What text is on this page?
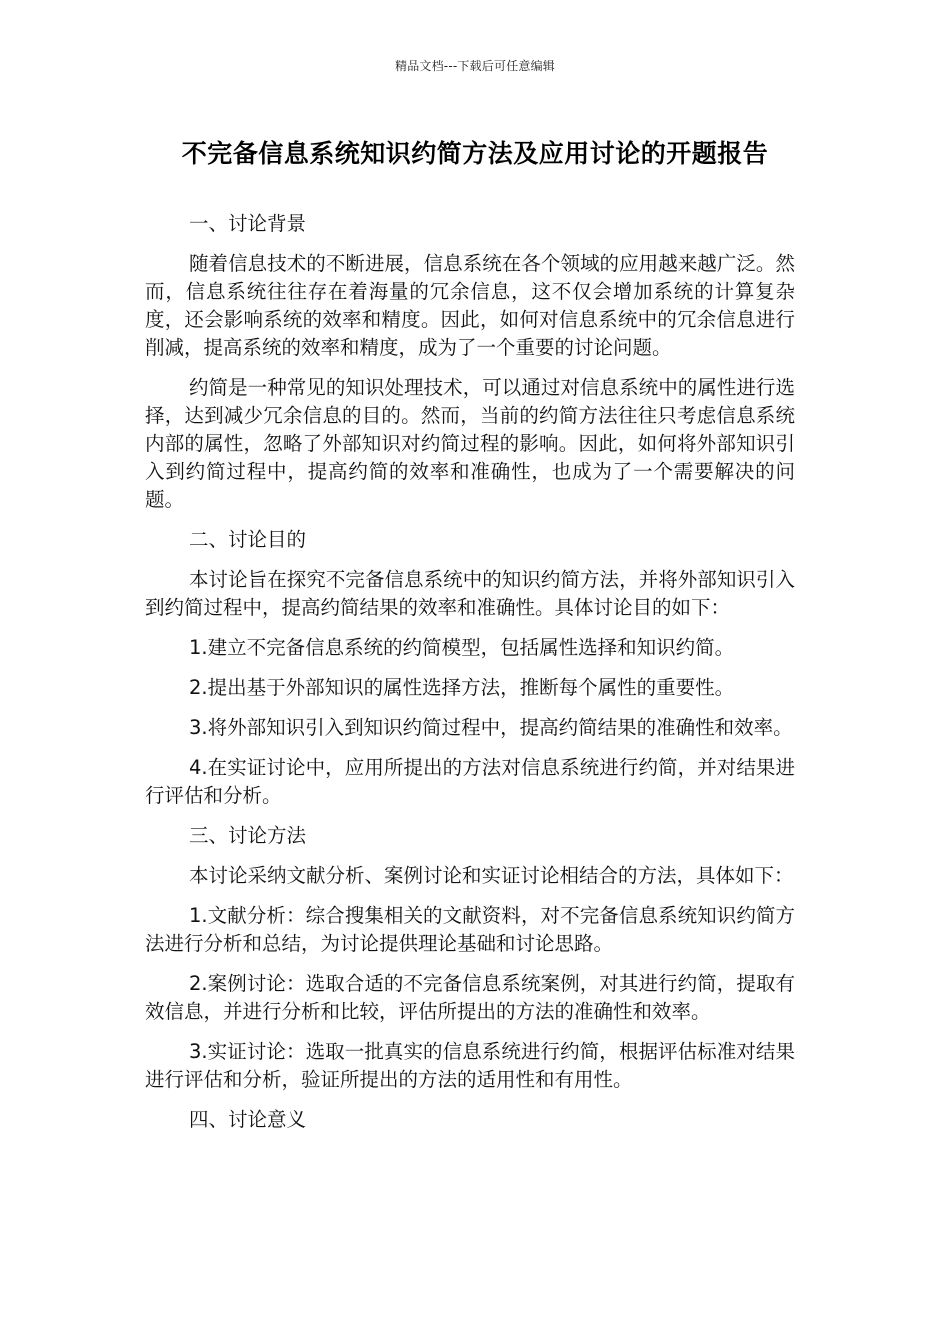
精品文档---下载后可任意编辑
不完备信息系统知识约简方法及应用讨论的开题报告

一、讨论背景

随着信息技术的不断进展，信息系统在各个领域的应用越来越广泛。然而，信息系统往往存在着海量的冗余信息，这不仅会增加系统的计算复杂度，还会影响系统的效率和精度。因此，如何对信息系统中的冗余信息进行削减，提高系统的效率和精度，成为了一个重要的讨论问题。

约简是一种常见的知识处理技术，可以通过对信息系统中的属性进行选择，达到减少冗余信息的目的。然而，当前的约简方法往往只考虑信息系统内部的属性，忽略了外部知识对约简过程的影响。因此，如何将外部知识引入到约简过程中，提高约简的效率和准确性，也成为了一个需要解决的问题。

二、讨论目的

本讨论旨在探究不完备信息系统中的知识约简方法，并将外部知识引入到约简过程中，提高约简结果的效率和准确性。具体讨论目的如下：

1.建立不完备信息系统的约简模型，包括属性选择和知识约简。

2.提出基于外部知识的属性选择方法，推断每个属性的重要性。

3.将外部知识引入到知识约简过程中，提高约简结果的准确性和效率。

4.在实证讨论中，应用所提出的方法对信息系统进行约简，并对结果进行评估和分析。

三、讨论方法

本讨论采纳文献分析、案例讨论和实证讨论相结合的方法，具体如下：

1.文献分析：综合搜集相关的文献资料，对不完备信息系统知识约简方法进行分析和总结，为讨论提供理论基础和讨论思路。

2.案例讨论：选取合适的不完备信息系统案例，对其进行约简，提取有效信息，并进行分析和比较，评估所提出的方法的准确性和效率。

3.实证讨论：选取一批真实的信息系统进行约简，根据评估标准对结果进行评估和分析，验证所提出的方法的适用性和有用性。

四、讨论意义
